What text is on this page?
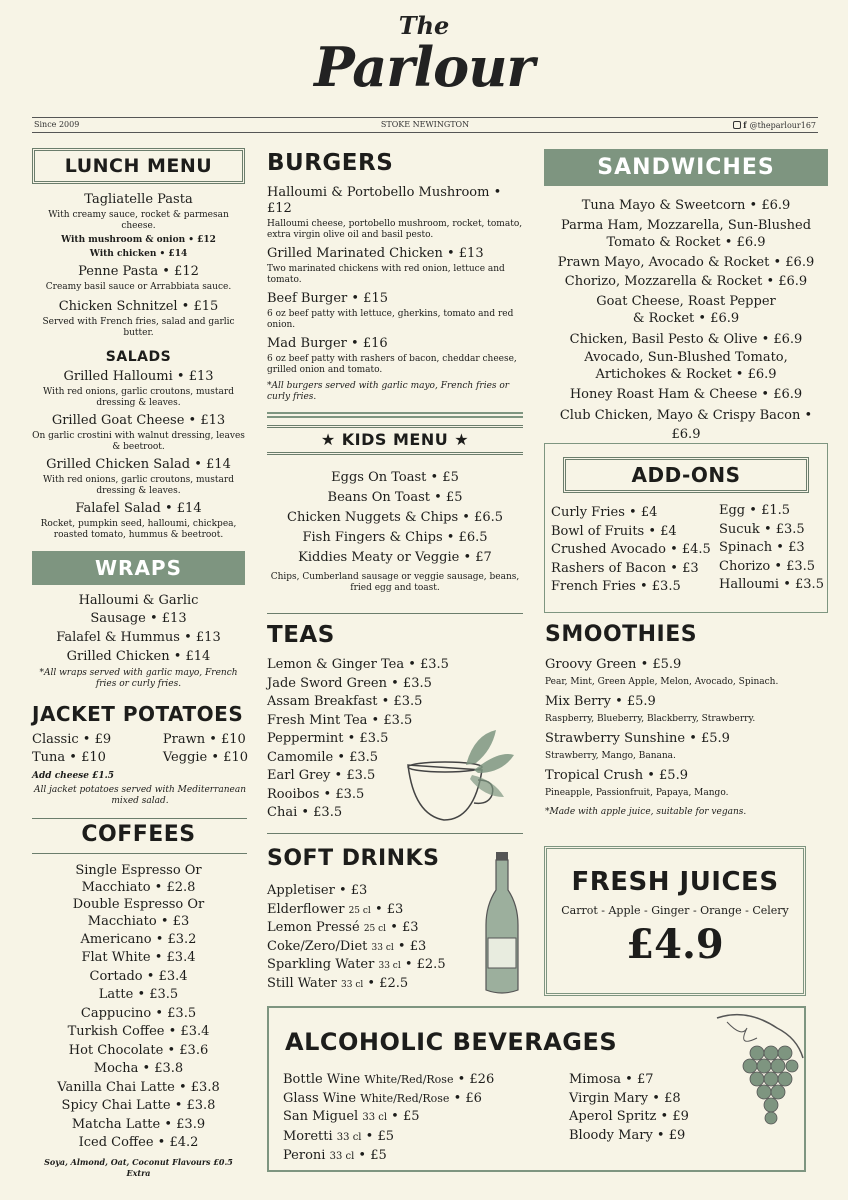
The
Parlour
Since 2009	STOKE NEWINGTON	f @theparlour167
LUNCH MENU
Tagliatelle Pasta
With creamy sauce, rocket & parmesan cheese.
With mushroom & onion • £12
With chicken • £14
Penne Pasta • £12
Creamy basil sauce or Arrabbiata sauce.
Chicken Schnitzel • £15
Served with French fries, salad and garlic butter.
SALADS
Grilled Halloumi • £13
With red onions, garlic croutons, mustard dressing & leaves.
Grilled Goat Cheese • £13
On garlic crostini with walnut dressing, leaves & beetroot.
Grilled Chicken Salad • £14
With red onions, garlic croutons, mustard dressing & leaves.
Falafel Salad • £14
Rocket, pumpkin seed, halloumi, chickpea, roasted tomato, hummus & beetroot.
WRAPS
Halloumi & Garlic
Sausage • £13
Falafel & Hummus • £13
Grilled Chicken • £14
*All wraps served with garlic mayo, French fries or curly fries.
JACKET POTATOES
Classic • £9
Tuna • £10
Prawn • £10
Veggie • £10
Add cheese £1.5
All jacket potatoes served with Mediterranean mixed salad.
COFFEES
Single Espresso Or
Macchiato • £2.8
Double Espresso Or
Macchiato • £3
Americano • £3.2
Flat White • £3.4
Cortado • £3.4
Latte • £3.5
Cappucino • £3.5
Turkish Coffee • £3.4
Hot Chocolate • £3.6
Mocha • £3.8
Vanilla Chai Latte • £3.8
Spicy Chai Latte • £3.8
Matcha Latte • £3.9
Iced Coffee • £4.2
Soya, Almond, Oat, Coconut Flavours £0.5 Extra
BURGERS
Halloumi & Portobello Mushroom • £12
Halloumi cheese, portobello mushroom, rocket, tomato, extra virgin olive oil and basil pesto.
Grilled Marinated Chicken • £13
Two marinated chickens with red onion, lettuce and tomato.
Beef Burger • £15
6 oz beef patty with lettuce, gherkins, tomato and red onion.
Mad Burger • £16
6 oz beef patty with rashers of bacon, cheddar cheese, grilled onion and tomato.
*All burgers served with garlic mayo, French fries or curly fries.
★ KIDS MENU ★
Eggs On Toast • £5
Beans On Toast • £5
Chicken Nuggets & Chips • £6.5
Fish Fingers & Chips • £6.5
Kiddies Meaty or Veggie • £7
Chips, Cumberland sausage or veggie sausage, beans, fried egg and toast.
TEAS
Lemon & Ginger Tea • £3.5
Jade Sword Green • £3.5
Assam Breakfast • £3.5
Fresh Mint Tea • £3.5
Peppermint • £3.5
Camomile • £3.5
Earl Grey • £3.5
Rooibos • £3.5
Chai • £3.5
SOFT DRINKS
Appletiser • £3
Elderflower 25 cl • £3
Lemon Pressé 25 cl • £3
Coke/Zero/Diet 33 cl • £3
Sparkling Water 33 cl • £2.5
Still Water 33 cl • £2.5
SANDWICHES
Tuna Mayo & Sweetcorn • £6.9
Parma Ham, Mozzarella, Sun-Blushed
Tomato & Rocket • £6.9
Prawn Mayo, Avocado & Rocket • £6.9
Chorizo, Mozzarella & Rocket • £6.9
Goat Cheese, Roast Pepper
& Rocket • £6.9
Chicken, Basil Pesto & Olive • £6.9
Avocado, Sun-Blushed Tomato,
Artichokes & Rocket • £6.9
Honey Roast Ham & Cheese • £6.9
Club Chicken, Mayo & Crispy Bacon • £6.9
ADD-ONS
Curly Fries • £4
Bowl of Fruits • £4
Crushed Avocado • £4.5
Rashers of Bacon • £3
French Fries • £3.5
Egg • £1.5
Sucuk • £3.5
Spinach • £3
Chorizo • £3.5
Halloumi • £3.5
SMOOTHIES
Groovy Green • £5.9
Pear, Mint, Green Apple, Melon, Avocado, Spinach.
Mix Berry • £5.9
Raspberry, Blueberry, Blackberry, Strawberry.
Strawberry Sunshine • £5.9
Strawberry, Mango, Banana.
Tropical Crush • £5.9
Pineapple, Passionfruit, Papaya, Mango.
*Made with apple juice, suitable for vegans.
FRESH JUICES
Carrot - Apple - Ginger - Orange - Celery
£4.9
ALCOHOLIC BEVERAGES
Bottle Wine White/Red/Rose • £26
Glass Wine White/Red/Rose • £6
San Miguel 33 cl • £5
Moretti 33 cl • £5
Peroni 33 cl • £5
Mimosa • £7
Virgin Mary • £8
Aperol Spritz • £9
Bloody Mary • £9
